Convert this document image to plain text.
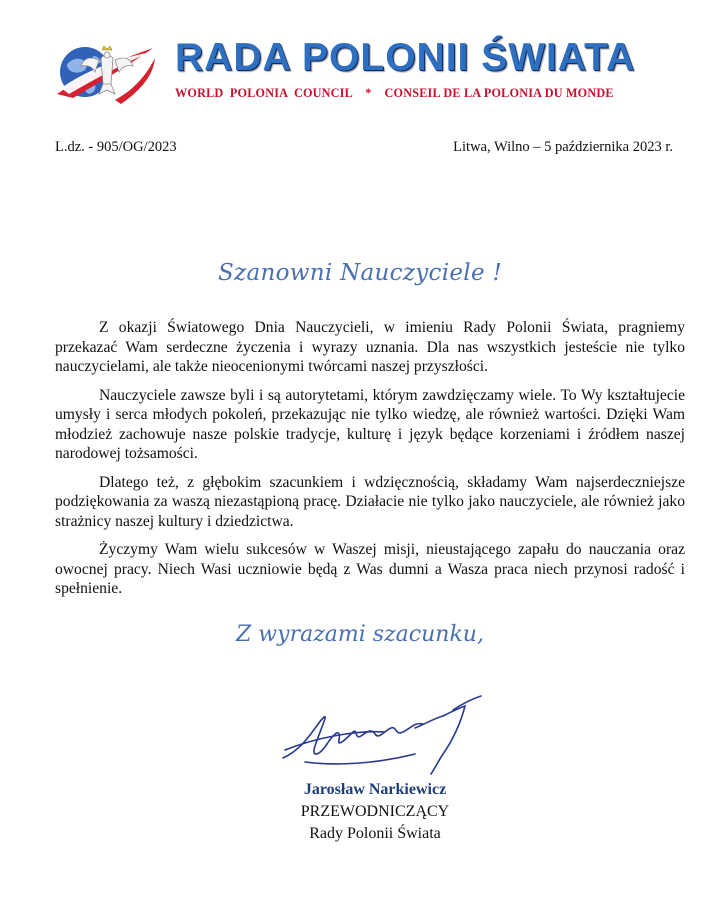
RADA POLONII ŚWIATA
WORLD  POLONIA  COUNCIL    *    CONSEIL DE LA POLONIA DU MONDE
L.dz. - 905/OG/2023	Litwa, Wilno – 5 października 2023 r.
Szanowni Nauczyciele !

Z okazji Światowego Dnia Nauczycieli, w imieniu Rady Polonii Świata, pragniemy przekazać Wam serdeczne życzenia i wyrazy uznania. Dla nas wszystkich jesteście nie tylko nauczycielami, ale także nieocenionymi twórcami naszej przyszłości.

Nauczyciele zawsze byli i są autorytetami, którym zawdzięczamy wiele. To Wy kształtujecie umysły i serca młodych pokoleń, przekazując nie tylko wiedzę, ale również wartości. Dzięki Wam młodzież zachowuje nasze polskie tradycje, kulturę i język będące korzeniami i źródłem naszej narodowej tożsamości.

Dlatego też, z głębokim szacunkiem i wdzięcznością, składamy Wam najserdeczniejsze podziękowania za waszą niezastąpioną pracę. Działacie nie tylko jako nauczyciele, ale również jako strażnicy naszej kultury i dziedzictwa.

Życzymy Wam wielu sukcesów w Waszej misji, nieustającego zapału do nauczania oraz owocnej pracy. Niech Wasi uczniowie będą z Was dumni a Wasza praca niech przynosi radość i spełnienie.

Z wyrazami szacunku,
Jarosław Narkiewicz
PRZEWODNICZĄCY
Rady Polonii Świata
